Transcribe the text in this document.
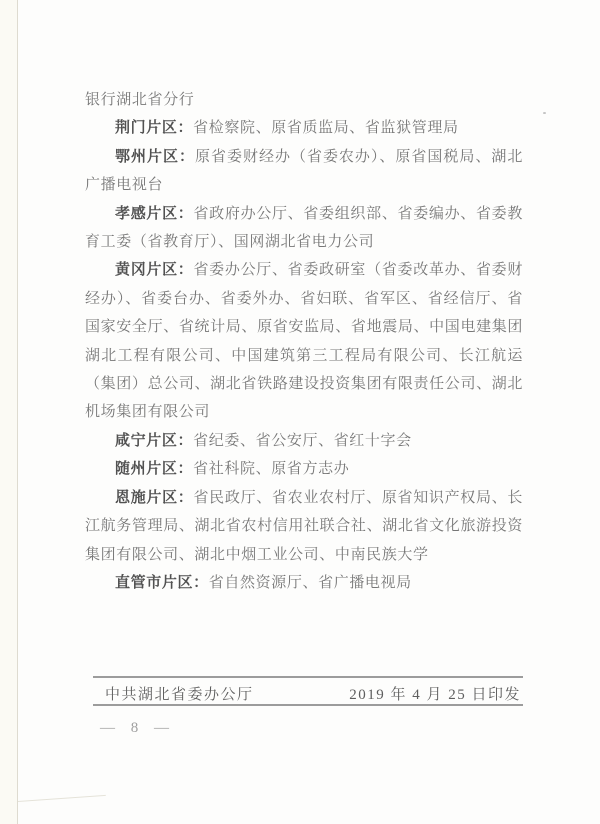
银行湖北省分行

荆门片区：省检察院、原省质监局、省监狱管理局

鄂州片区：原省委财经办（省委农办）、原省国税局、湖北广播电视台

孝感片区：省政府办公厅、省委组织部、省委编办、省委教育工委（省教育厅）、国网湖北省电力公司

黄冈片区：省委办公厅、省委政研室（省委改革办、省委财经办）、省委台办、省委外办、省妇联、省军区、省经信厅、省国家安全厅、省统计局、原省安监局、省地震局、中国电建集团湖北工程有限公司、中国建筑第三工程局有限公司、长江航运（集团）总公司、湖北省铁路建设投资集团有限责任公司、湖北机场集团有限公司

咸宁片区：省纪委、省公安厅、省红十字会

随州片区：省社科院、原省方志办

恩施片区：省民政厅、省农业农村厅、原省知识产权局、长江航务管理局、湖北省农村信用社联合社、湖北省文化旅游投资集团有限公司、湖北中烟工业公司、中南民族大学

直管市片区：省自然资源厅、省广播电视局

中共湖北省委办公厅	2019 年 4 月 25 日印发
— 8 —
